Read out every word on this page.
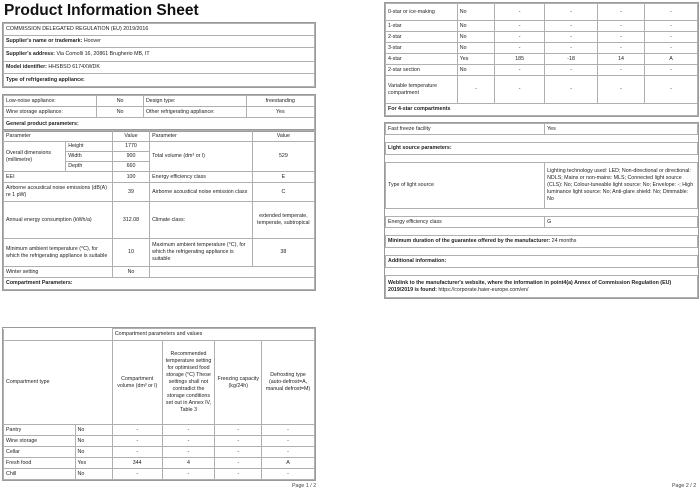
Product Information Sheet
COMMISSION DELEGATED REGULATION (EU) 2019/2016
Supplier's name or trademark: Hoover
Supplier's address: Via Comolli 16, 20861 Brugherio MB, IT
Model identifier: HHSBSO 6174XWDK
Type of refrigerating appliance:
Low-noise appliance:	No	Design type:	freestanding
Wine storage appliance:	No	Other refrigerating appliance:	Yes
General product parameters:			
Parameter		Value	Parameter	Value
Overall dimensions (millimetre)	Height	1770	Total volume (dm³ or l)	529
	Width	900		
	Depth	660		
EEI		100	Energy efficiency class	E
Airborne acoustical noise emissions (dB(A) re 1 pW)		39	Airborne acoustical noise emission class	C
Annual energy consumption (kWh/a)		312.08	Climate class:	extended temperate, temperate, subtropical
Minimum ambient temperature (°C), for which the refrigerating appliance is suitable		10	Maximum ambient temperature (°C), for which the refrigerating appliance is suitable	38
Winter setting		No		
Compartment Parameters:				
		Compartment parameters and values			
Compartment type		Compartment volume (dm³ or l)	Recommended temperature setting for optimised food storage (°C) These settings shall not contradict the storage conditions set out in Annex IV, Table 3	Freezing capacity (kg/24h)	Defrosting type (auto-defrost=A, manual defrost=M)
Pantry	No	-	-	-	-
Wine storage	No	-	-	-	-
Cellar	No	-	-	-	-
Fresh food	Yes	344	4	-	A
Chill	No	-	-	-	-
Page 1 / 2
0-star or ice-making	No	-	-	-	-
1-star	No	-	-	-	-
2-star	No	-	-	-	-
3-star	No	-	-	-	-
4-star	Yes	185	-18	14	A
2-star section	No	-	-	-	-
Variable temperature compartment	-	-	-	-	-
For 4-star compartments					
Fast freeze facility	Yes

Light source parameters:	

Type of light source	Lighting technology used: LED; Non-directional or directional: NDLS; Mains or non-mains: MLS; Connected light source (CLS): No; Colour-tuneable light source: No; Envelope: -; High luminance light source: No; Anti-glare shield: No; Dimmable: No

Energy efficiency class	G

Minimum duration of the guarantee offered by the manufacturer: 24 months	

Additional information:	

Weblink to the manufacturer's website, where the information in point4(a) Annex of Commission Regulation (EU) 2019/2019 is found: https://corporate.haier-europe.com/en/	
Page 2 / 2
